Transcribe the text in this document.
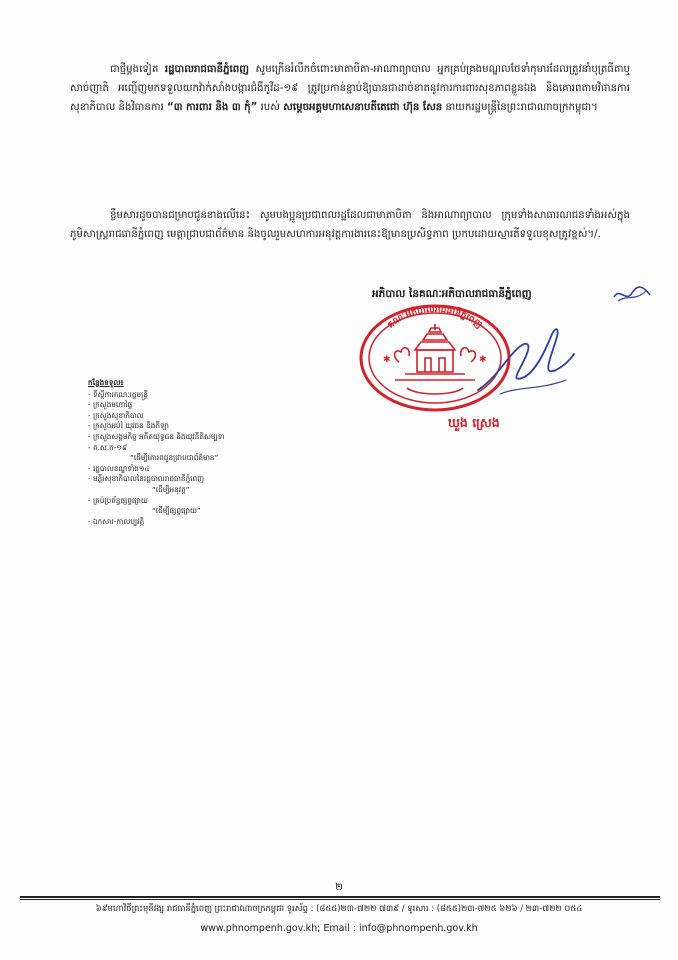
ជាថ្មីម្ដងទៀត រដ្ឋបាលរាជធានីភ្នំពេញ សូមក្រើនរំលឹកចំពោះមាតាបិតា-អាណាព្យាបាល អ្នកគ្រប់គ្រងមណ្ឌលថែទាំកុមារដែលត្រូវនាំបុត្រធីតាឬសាច់ញាតិ អញ្ជើញមកទទួលយកវ៉ាក់សាំងបង្ការជំងឺកូវីដ-១៩ ត្រូវប្រកាន់ខ្ជាប់ឱ្យបានជាដាច់ខាតនូវការការពារសុខភាពខ្លួនឯង និងគោរពតាមវិធានការសុខាភិបាល និងវិធានការ “៣ ការពារ និង ៣ កុំ” របស់ សម្ដេចអគ្គមហាសេនាបតីតេជោ ហ៊ុន សែន នាយករដ្ឋមន្ត្រីនៃព្រះរាជាណាចក្រកម្ពុជា។

ខ្លឹមសារដូចបានជម្រាបជូនខាងលើនេះ សូមបងប្អូនប្រជាពលរដ្ឋដែលជាមាតាបិតា និងអាណាព្យាបាល ក្រុមទាំងសាធារណជនទាំងអស់ក្នុងភូមិសាស្ត្ររាជធានីភ្នំពេញ មេត្តាជ្រាបជាព័ត៌មាន និងចូលរួមសហការអនុវត្តការងារនេះឱ្យមានប្រសិទ្ធភាព ប្រកបដោយស្មារតីទទួលខុសត្រូវខ្ពស់។/.

អភិបាល នៃគណៈអភិបាលរាជធានីភ្នំពេញ
គណៈអភិបាលរាជធានីភ្នំពេញ
✱	✱
ឃួង ស្រេង
កន្លែងទទួល៖
- ទីស្ដីការគណៈរដ្ឋមន្ត្រី
- ក្រសួងមហាផ្ទៃ
- ក្រសួងសុខាភិបាល
- ក្រសួងអប់រំ យុវជន និងកីឡា
- ក្រសួងសង្គមកិច្ច អតីតយុទ្ធជន និងយុវនីតិសម្បទា
- គ.ស.ក-១៩
“ដើម្បីគោរពជូនជ្រាបជាព័ត៌មាន”
- រដ្ឋបាលខណ្ឌទាំង១៤
- មន្ទីរសុខាភិបាលនៃរដ្ឋបាលរាជធានីភ្នំពេញ
“ដើម្បីអនុវត្ត”
- គ្រប់ប្រព័ន្ធផ្សព្វផ្សាយ
“ដើម្បីផ្សព្វផ្សាយ”
- ឯកសារ-កាលប្បវត្តិ
២
៦៩មហាវិថីព្រះមុនីវង្ស រាជធានីភ្នំពេញ ព្រះរាជាណាចក្រកម្ពុជា ទូរស័ព្ទ : (៨៥៥)២៣-៧២២ ៧៣៩ / ទូរសារ : (៨៥៥)២៣-៧២៥ ៦២៦ / ២៣-៧២២ ០៥៤
www.phnompenh.gov.kh; Email : info@phnompenh.gov.kh
